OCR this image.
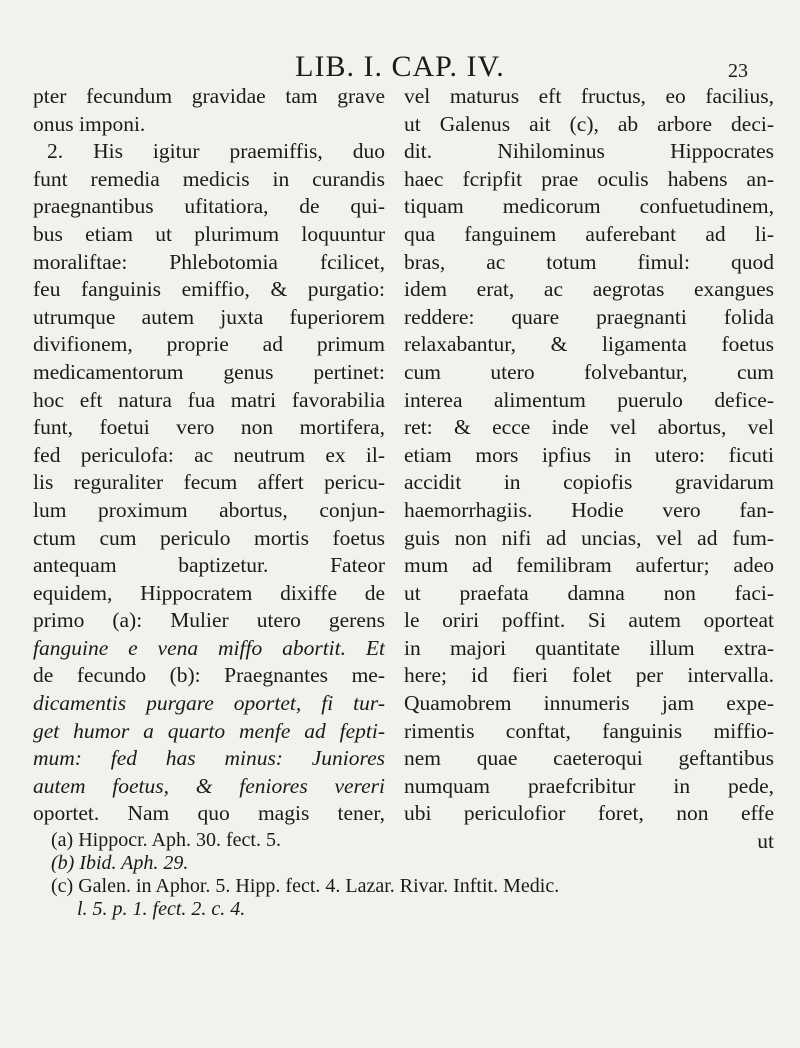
LIB. I. CAP. IV.	23
pter fecundum gravidae tam grave
onus imponi.
2. His igitur praemiffis, duo
funt remedia medicis in curandis
praegnantibus ufitatiora, de qui-
bus etiam ut plurimum loquuntur
moraliftae: Phlebotomia fcilicet,
feu fanguinis emiffio, & purgatio:
utrumque autem juxta fuperiorem
divifionem, proprie ad primum
medicamentorum genus pertinet:
hoc eft natura fua matri favorabilia
funt, foetui vero non mortifera,
fed periculofa: ac neutrum ex il-
lis reguraliter fecum affert pericu-
lum proximum abortus, conjun-
ctum cum periculo mortis foetus
antequam baptizetur. Fateor
equidem, Hippocratem dixiffe de
primo (a): Mulier utero gerens
fanguine e vena miffo abortit. Et
de fecundo (b): Praegnantes me-
dicamentis purgare oportet, fi tur-
get humor a quarto menfe ad fepti-
mum: fed has minus: Juniores
autem foetus, & feniores vereri
oportet. Nam quo magis tener,
vel maturus eft fructus, eo facilius,
ut Galenus ait (c), ab arbore deci-
dit. Nihilominus Hippocrates
haec fcripfit prae oculis habens an-
tiquam medicorum confuetudinem,
qua fanguinem auferebant ad li-
bras, ac totum fimul: quod
idem erat, ac aegrotas exangues
reddere: quare praegnanti folida
relaxabantur, & ligamenta foetus
cum utero folvebantur, cum
interea alimentum puerulo defice-
ret: & ecce inde vel abortus, vel
etiam mors ipfius in utero: ficuti
accidit in copiofis gravidarum
haemorrhagiis. Hodie vero fan-
guis non nifi ad uncias, vel ad fum-
mum ad femilibram aufertur; adeo
ut praefata damna non faci-
le oriri poffint. Si autem oporteat
in majori quantitate illum extra-
here; id fieri folet per intervalla.
Quamobrem innumeris jam expe-
rimentis conftat, fanguinis miffio-
nem quae caeteroqui geftantibus
numquam praefcribitur in pede,
ubi periculofior foret, non effe
ut
(a) Hippocr. Aph. 30. fect. 5.
(b) Ibid. Aph. 29.
(c) Galen. in Aphor. 5. Hipp. fect. 4. Lazar. Rivar. Inftit. Medic.
l. 5. p. 1. fect. 2. c. 4.
